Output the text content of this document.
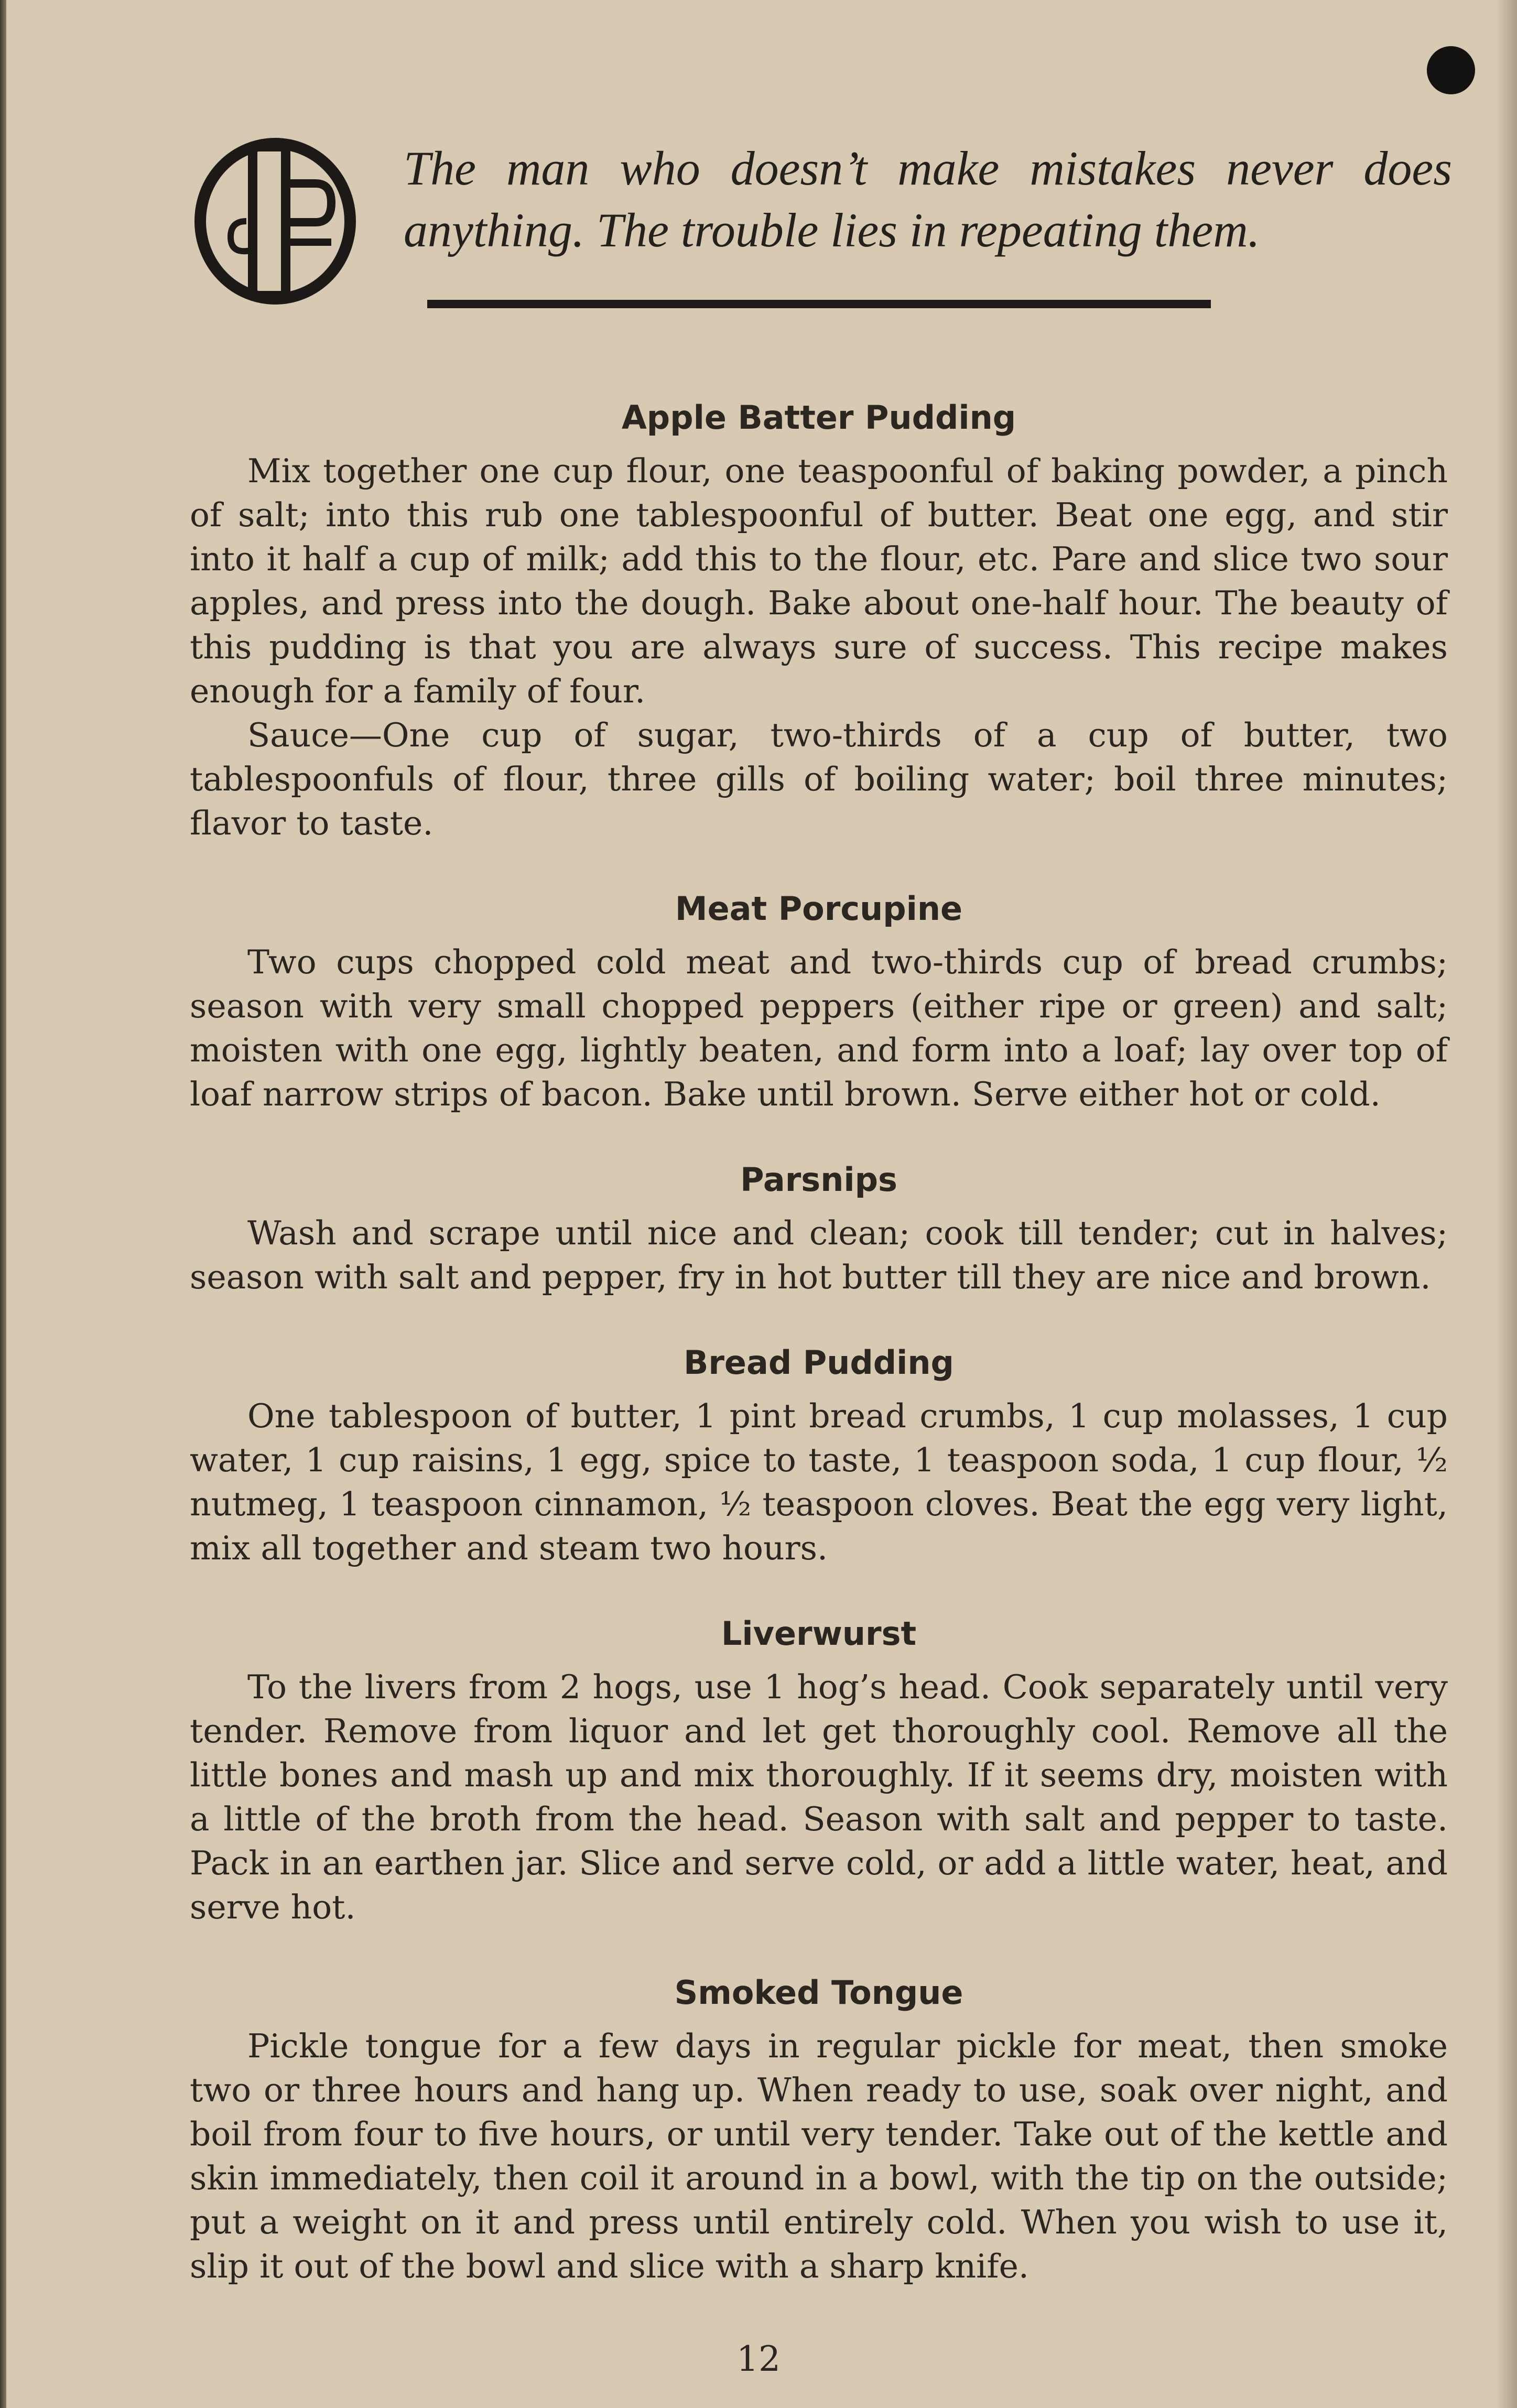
The man who doesn’t make mistakes never does anything. The trouble lies in repeating them.
Apple Batter Pudding

Mix together one cup flour, one teaspoonful of baking powder, a pinch of salt; into this rub one tablespoonful of butter. Beat one egg, and stir into it half a cup of milk; add this to the flour, etc. Pare and slice two sour apples, and press into the dough. Bake about one-half hour. The beauty of this pudding is that you are always sure of success. This recipe makes enough for a family of four.

Sauce—One cup of sugar, two-thirds of a cup of butter, two tablespoonfuls of flour, three gills of boiling water; boil three minutes; flavor to taste.

Meat Porcupine

Two cups chopped cold meat and two-thirds cup of bread crumbs; season with very small chopped peppers (either ripe or green) and salt; moisten with one egg, lightly beaten, and form into a loaf; lay over top of loaf narrow strips of bacon. Bake until brown. Serve either hot or cold.

Parsnips

Wash and scrape until nice and clean; cook till tender; cut in halves; season with salt and pepper, fry in hot butter till they are nice and brown.

Bread Pudding

One tablespoon of butter, 1 pint bread crumbs, 1 cup molasses, 1 cup water, 1 cup raisins, 1 egg, spice to taste, 1 teaspoon soda, 1 cup flour, ½ nutmeg, 1 teaspoon cinnamon, ½ teaspoon cloves. Beat the egg very light, mix all together and steam two hours.

Liverwurst

To the livers from 2 hogs, use 1 hog’s head. Cook separately until very tender. Remove from liquor and let get thoroughly cool. Remove all the little bones and mash up and mix thoroughly. If it seems dry, moisten with a little of the broth from the head. Season with salt and pepper to taste. Pack in an earthen jar. Slice and serve cold, or add a little water, heat, and serve hot.

Smoked Tongue

Pickle tongue for a few days in regular pickle for meat, then smoke two or three hours and hang up. When ready to use, soak over night, and boil from four to five hours, or until very tender. Take out of the kettle and skin immediately, then coil it around in a bowl, with the tip on the outside; put a weight on it and press until entirely cold. When you wish to use it, slip it out of the bowl and slice with a sharp knife.

12
